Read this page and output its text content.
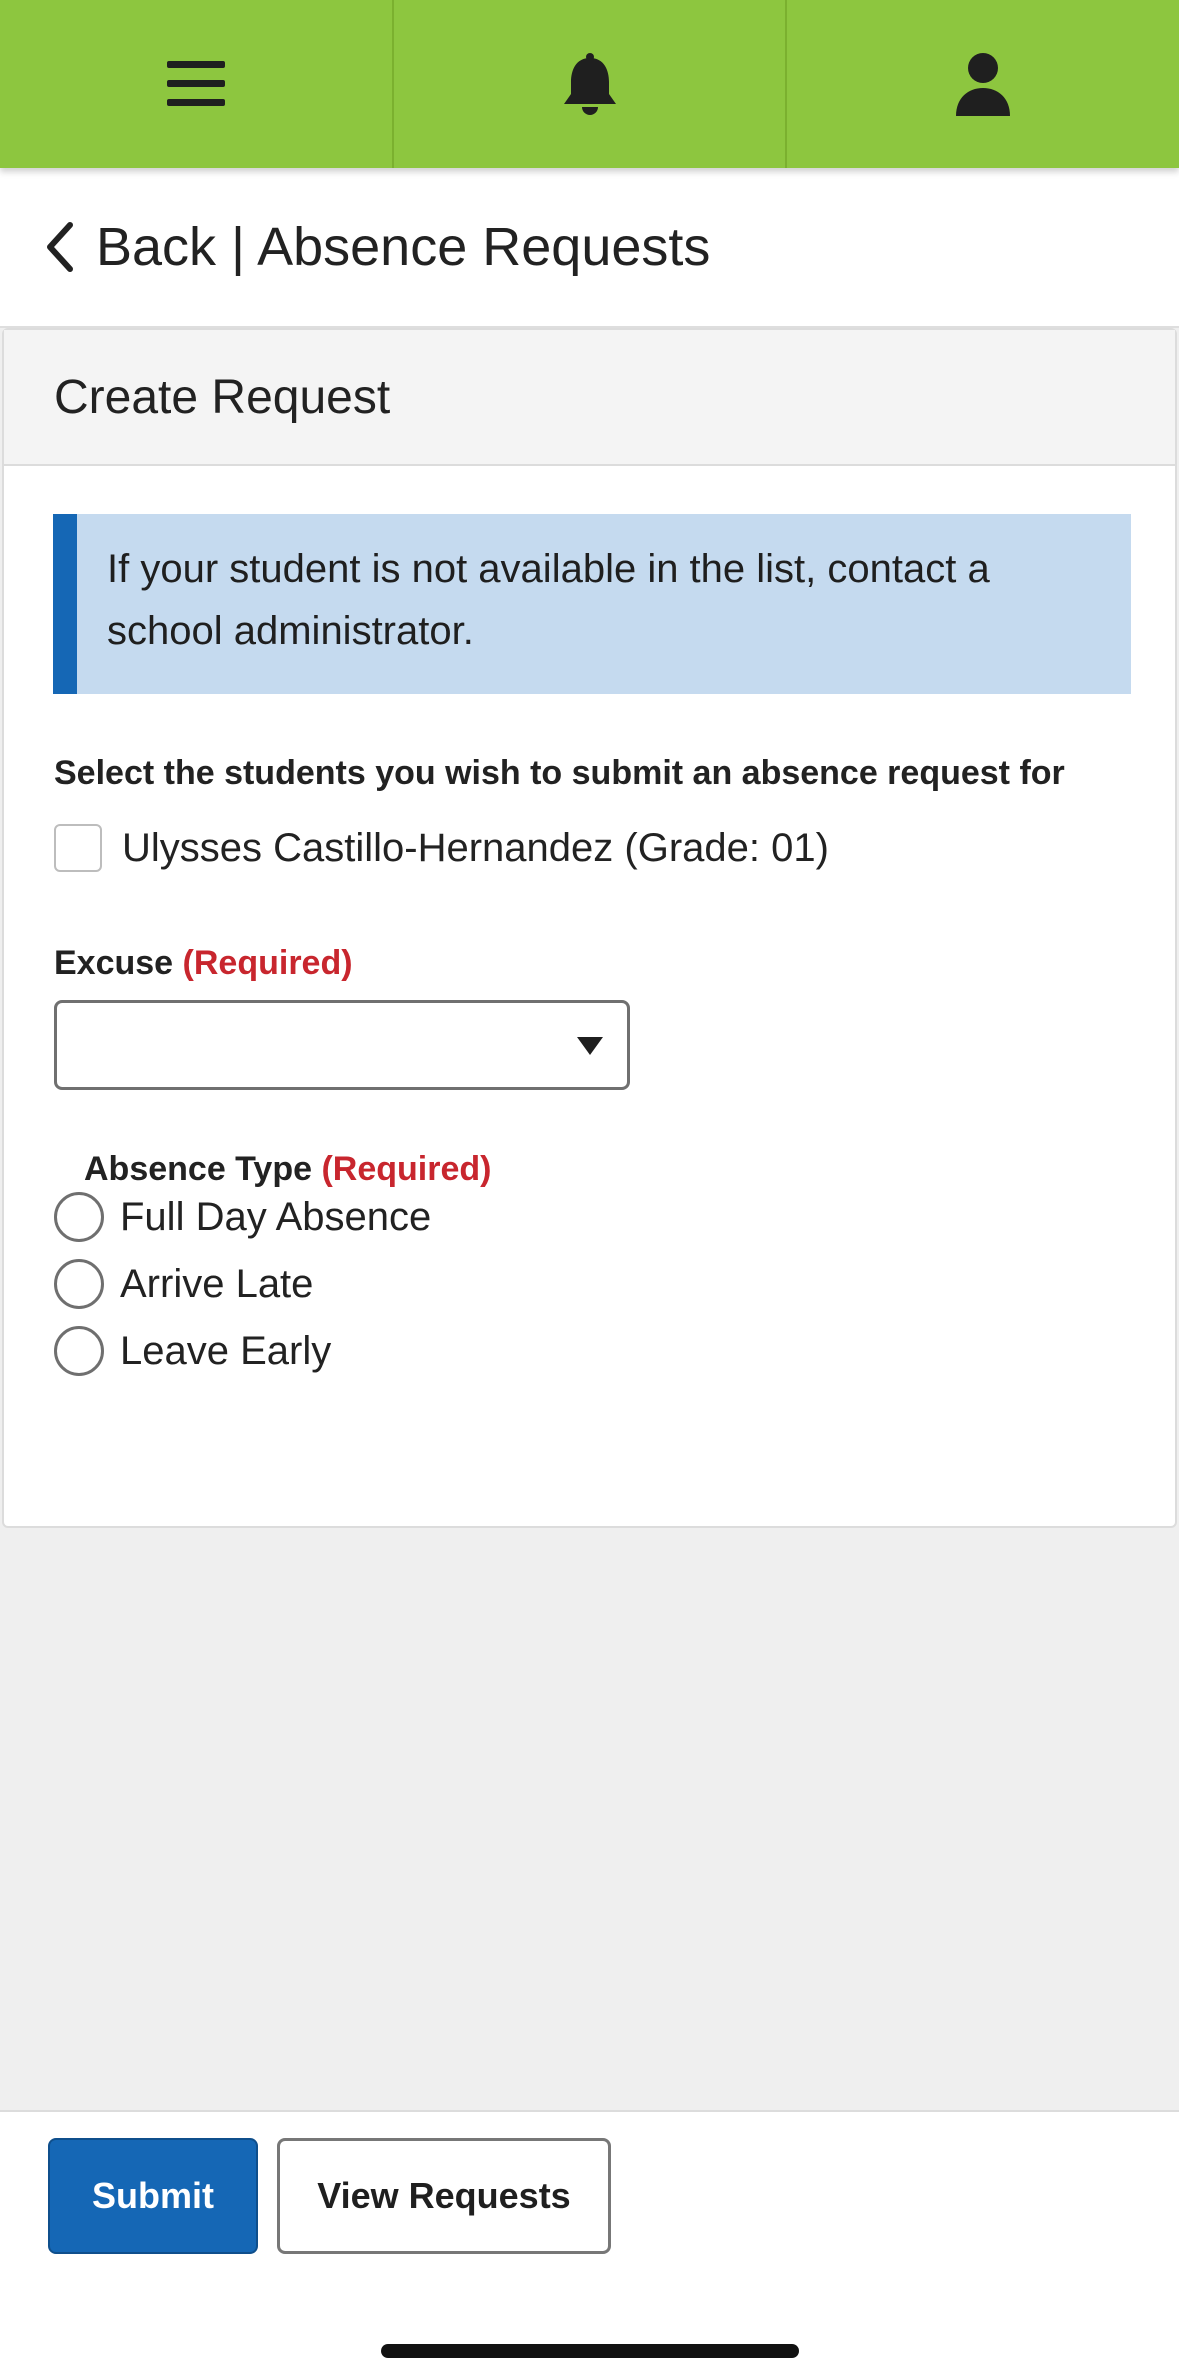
Back | Absence Requests
Create Request
If your student is not available in the list, contact a school administrator.
Select the students you wish to submit an absence request for
Ulysses Castillo-Hernandez (Grade: 01)
Excuse (Required)
Absence Type (Required)
Full Day Absence
Arrive Late
Leave Early
Submit	View Requests
